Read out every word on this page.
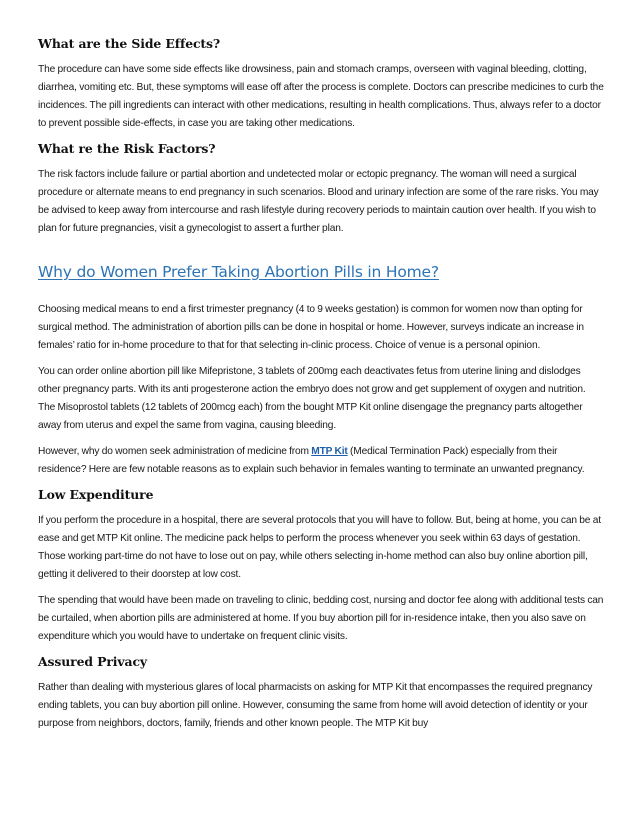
What are the Side Effects?

The procedure can have some side effects like drowsiness, pain and stomach cramps, overseen with vaginal bleeding, clotting, diarrhea, vomiting etc. But, these symptoms will ease off after the process is complete. Doctors can prescribe medicines to curb the incidences. The pill ingredients can interact with other medications, resulting in health complications. Thus, always refer to a doctor to prevent possible side-effects, in case you are taking other medications.

What re the Risk Factors?

The risk factors include failure or partial abortion and undetected molar or ectopic pregnancy. The woman will need a surgical procedure or alternate means to end pregnancy in such scenarios. Blood and urinary infection are some of the rare risks. You may be advised to keep away from intercourse and rash lifestyle during recovery periods to maintain caution over health. If you wish to plan for future pregnancies, visit a gynecologist to assert a further plan.

Why do Women Prefer Taking Abortion Pills in Home?

Choosing medical means to end a first trimester pregnancy (4 to 9 weeks gestation) is common for women now than opting for surgical method. The administration of abortion pills can be done in hospital or home. However, surveys indicate an increase in females’ ratio for in-home procedure to that for that selecting in-clinic process. Choice of venue is a personal opinion.

You can order online abortion pill like Mifepristone, 3 tablets of 200mg each deactivates fetus from uterine lining and dislodges other pregnancy parts. With its anti progesterone action the embryo does not grow and get supplement of oxygen and nutrition. The Misoprostol tablets (12 tablets of 200mcg each) from the bought MTP Kit online disengage the pregnancy parts altogether away from uterus and expel the same from vagina, causing bleeding.

However, why do women seek administration of medicine from MTP Kit (Medical Termination Pack) especially from their residence? Here are few notable reasons as to explain such behavior in females wanting to terminate an unwanted pregnancy.

Low Expenditure

If you perform the procedure in a hospital, there are several protocols that you will have to follow. But, being at home, you can be at ease and get MTP Kit online. The medicine pack helps to perform the process whenever you seek within 63 days of gestation. Those working part-time do not have to lose out on pay, while others selecting in-home method can also buy online abortion pill, getting it delivered to their doorstep at low cost.

The spending that would have been made on traveling to clinic, bedding cost, nursing and doctor fee along with additional tests can be curtailed, when abortion pills are administered at home. If you buy abortion pill for in-residence intake, then you also save on expenditure which you would have to undertake on frequent clinic visits.

Assured Privacy

Rather than dealing with mysterious glares of local pharmacists on asking for MTP Kit that encompasses the required pregnancy ending tablets, you can buy abortion pill online. However, consuming the same from home will avoid detection of identity or your purpose from neighbors, doctors, family, friends and other known people. The MTP Kit buy
